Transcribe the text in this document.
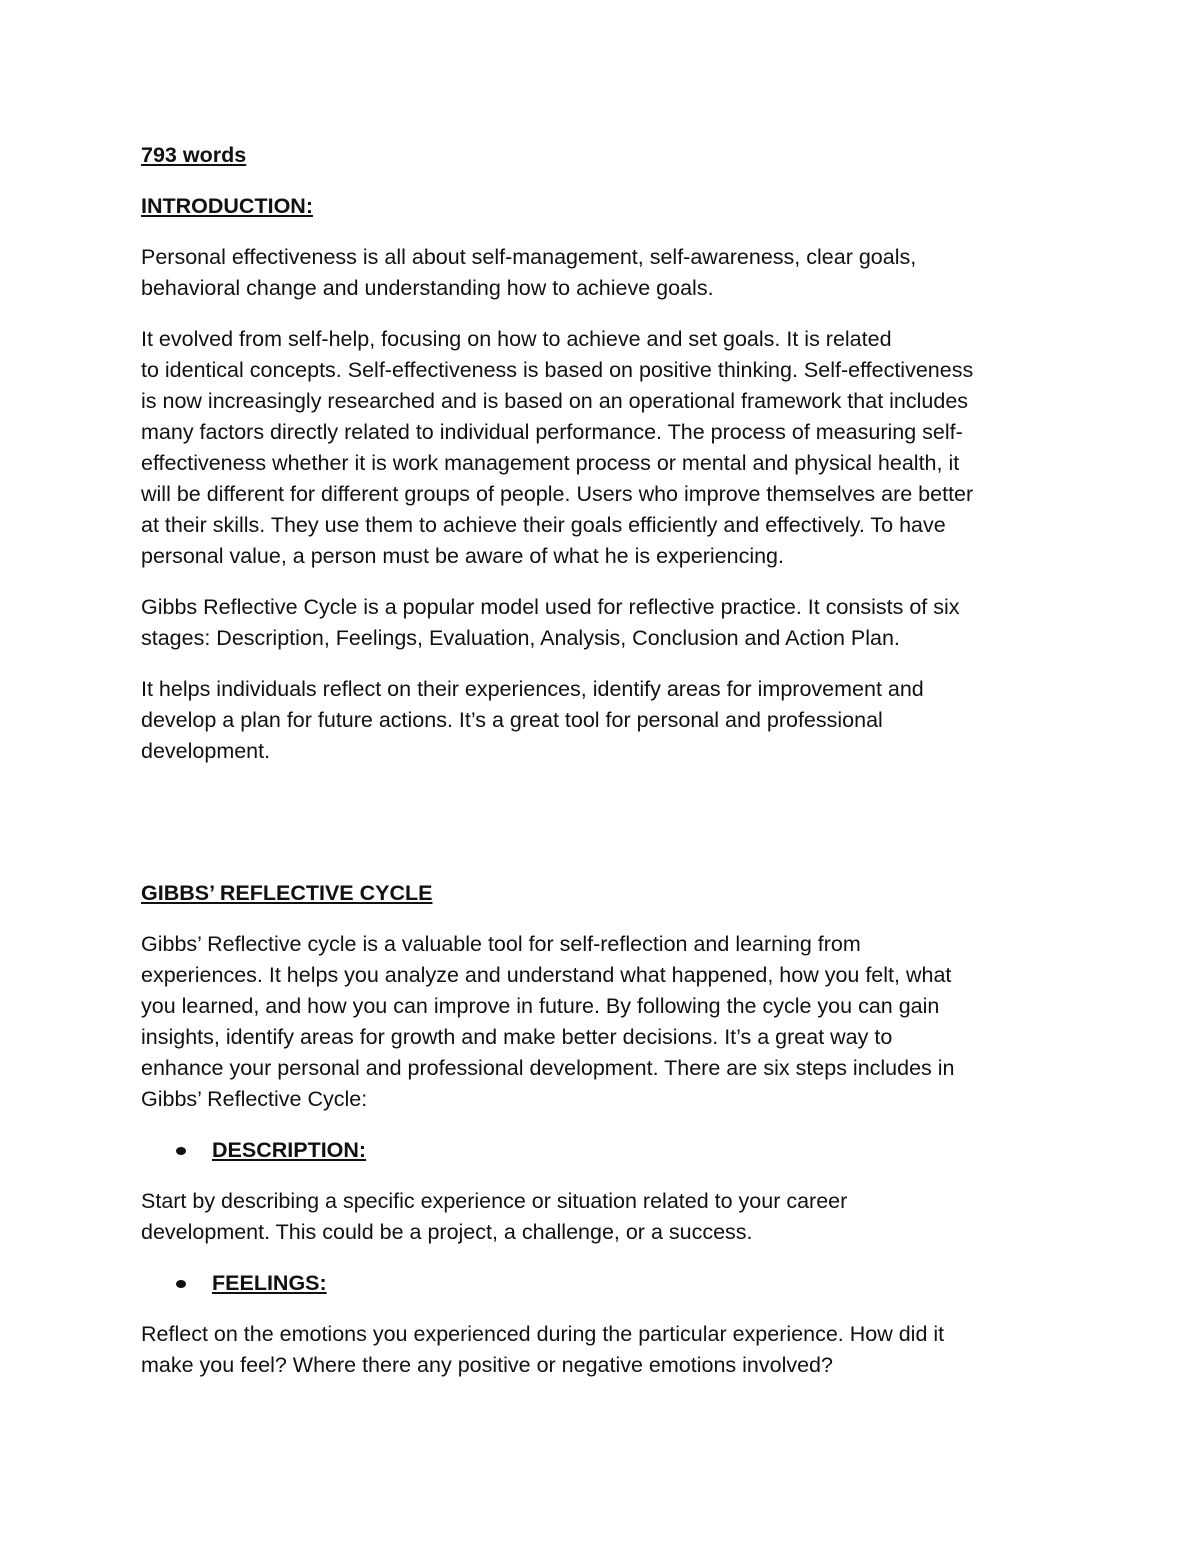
793 words

INTRODUCTION:

Personal effectiveness is all about self-management, self-awareness, clear goals,
behavioral change and understanding how to achieve goals.

It evolved from self-help, focusing on how to achieve and set goals. It is related
to identical concepts. Self-effectiveness is based on positive thinking. Self-effectiveness
is now increasingly researched and is based on an operational framework that includes
many factors directly related to individual performance. The process of measuring self-
effectiveness whether it is work management process or mental and physical health, it
will be different for different groups of people. Users who improve themselves are better
at their skills. They use them to achieve their goals efficiently and effectively. To have
personal value, a person must be aware of what he is experiencing.

Gibbs Reflective Cycle is a popular model used for reflective practice. It consists of six
stages: Description, Feelings, Evaluation, Analysis, Conclusion and Action Plan.

It helps individuals reflect on their experiences, identify areas for improvement and
develop a plan for future actions. It’s a great tool for personal and professional
development.

GIBBS’ REFLECTIVE CYCLE

Gibbs’ Reflective cycle is a valuable tool for self-reflection and learning from
experiences. It helps you analyze and understand what happened, how you felt, what
you learned, and how you can improve in future. By following the cycle you can gain
insights, identify areas for growth and make better decisions. It’s a great way to
enhance your personal and professional development. There are six steps includes in
Gibbs’ Reflective Cycle:

DESCRIPTION:

Start by describing a specific experience or situation related to your career
development. This could be a project, a challenge, or a success.

FEELINGS:

Reflect on the emotions you experienced during the particular experience. How did it
make you feel? Where there any positive or negative emotions involved?
